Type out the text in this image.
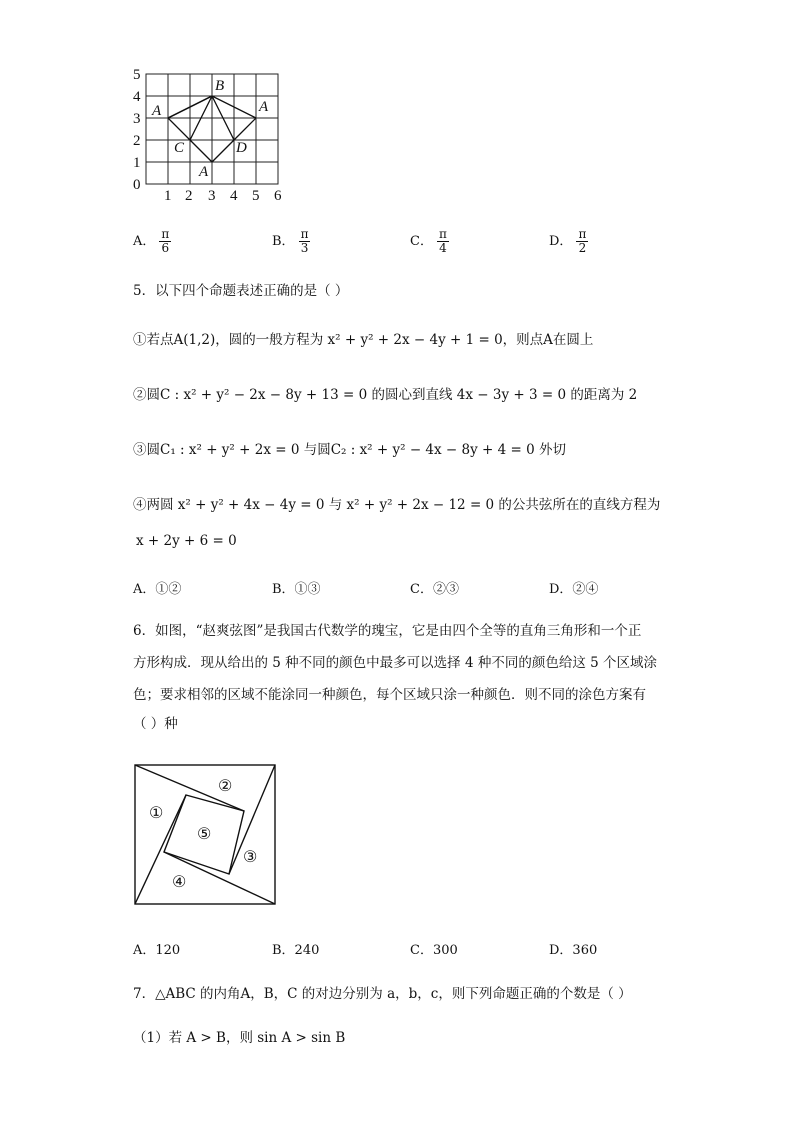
5
4
3
2
1
0
1 2 3 4 5 6
B
A	A
C	D
A
A． $\frac{\pi}{6}$	B． $\frac{\pi}{3}$	C． $\frac{\pi}{4}$	D． $\frac{\pi}{2}$
5．以下四个命题表述正确的是（ ）
①若点A(1,2)，圆的一般方程为 x² + y² + 2x − 4y + 1 = 0，则点A在圆上
②圆C : x² + y² − 2x − 8y + 13 = 0 的圆心到直线 4x − 3y + 3 = 0 的距离为 2
③圆C₁ : x² + y² + 2x = 0 与圆C₂ : x² + y² − 4x − 8y + 4 = 0 外切
④两圆 x² + y² + 4x − 4y = 0 与 x² + y² + 2x − 12 = 0 的公共弦所在的直线方程为
x + 2y + 6 = 0
A．①②	B．①③	C．②③	D．②④
6．如图，“赵爽弦图”是我国古代数学的瑰宝，它是由四个全等的直角三角形和一个正
方形构成．现从给出的 5 种不同的颜色中最多可以选择 4 种不同的颜色给这 5 个区域涂
色；要求相邻的区域不能涂同一种颜色，每个区域只涂一种颜色．则不同的涂色方案有
（ ）种
①
②
③
④
⑤
A．120	B．240	C．300	D．360
7．△ABC 的内角A，B，C 的对边分别为 a，b，c，则下列命题正确的个数是（ ）
（1）若 A > B，则 sin A > sin B
